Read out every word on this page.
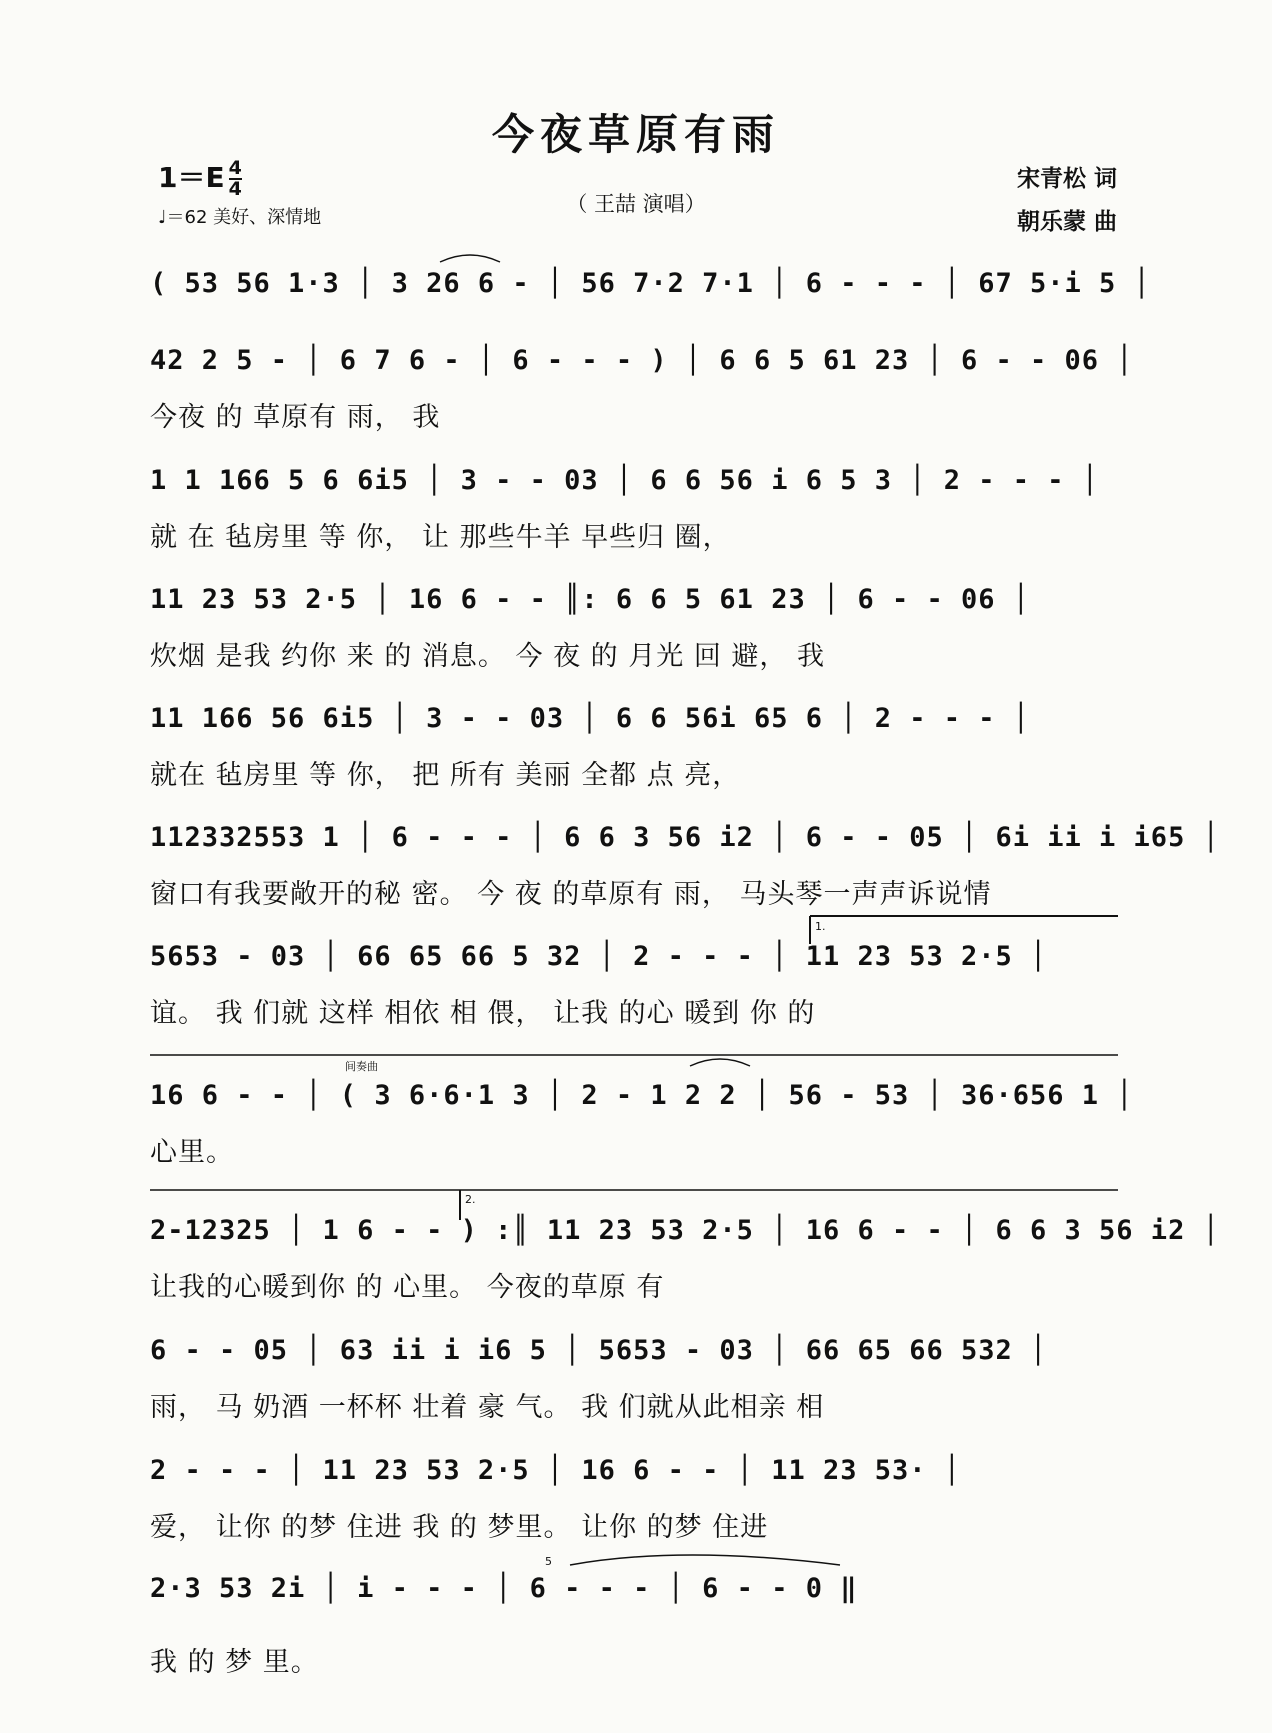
今夜草原有雨
$1=E \frac{4}{4}$
♩＝62 美好、深情地
（ 王喆 演唱）
宋青松 词
朝乐蒙 曲
1.
2.
间奏曲
5
( 53 56 1·3 │ 3 26 6 - │ 56 7·2 7·1 │ 6 - - - │ 67 5·i 5 │
42 2 5 - │ 6 7 6 - │ 6 - - - ) │ 6 6 5 61 23 │ 6 - - 06 │
今夜 的 草原有 雨， 我
1 1 166 5 6 6i5 │ 3 - - 03 │ 6 6 56 i 6 5 3 │ 2 - - - │
就 在 毡房里 等 你， 让 那些牛羊 早些归 圈，
11 23 53 2·5 │ 16 6 - - ║: 6 6 5 61 23 │ 6 - - 06 │
炊烟 是我 约你 来 的 消息。 今 夜 的 月光 回 避， 我
11 166 56 6i5 │ 3 - - 03 │ 6 6 56i 65 6 │ 2 - - - │
就在 毡房里 等 你， 把 所有 美丽 全都 点 亮，
112332553 1 │ 6 - - - │ 6 6 3 56 i2 │ 6 - - 05 │ 6i ii i i65 │
窗口有我要敞开的秘 密。 今 夜 的草原有 雨， 马头琴一声声诉说情
5653 - 03 │ 66 65 66 5 32 │ 2 - - - │ 11 23 53 2·5 │
谊。 我 们就 这样 相依 相 偎， 让我 的心 暖到 你 的
16 6 - - │ ( 3 6·6·1 3 │ 2 - 1 2 2 │ 56 - 53 │ 36·656 1 │
心里。
2-12325 │ 1 6 - - ) :║ 11 23 53 2·5 │ 16 6 - - │ 6 6 3 56 i2 │
让我的心暖到你 的 心里。 今夜的草原 有
6 - - 05 │ 63 ii i i6 5 │ 5653 - 03 │ 66 65 66 532 │
雨， 马 奶酒 一杯杯 壮着 豪 气。 我 们就从此相亲 相
2 - - - │ 11 23 53 2·5 │ 16 6 - - │ 11 23 53· │
爱， 让你 的梦 住进 我 的 梦里。 让你 的梦 住进
2·3 53 2i │ i - - - │ 6 - - - │ 6 - - 0 ‖
我 的 梦 里。
